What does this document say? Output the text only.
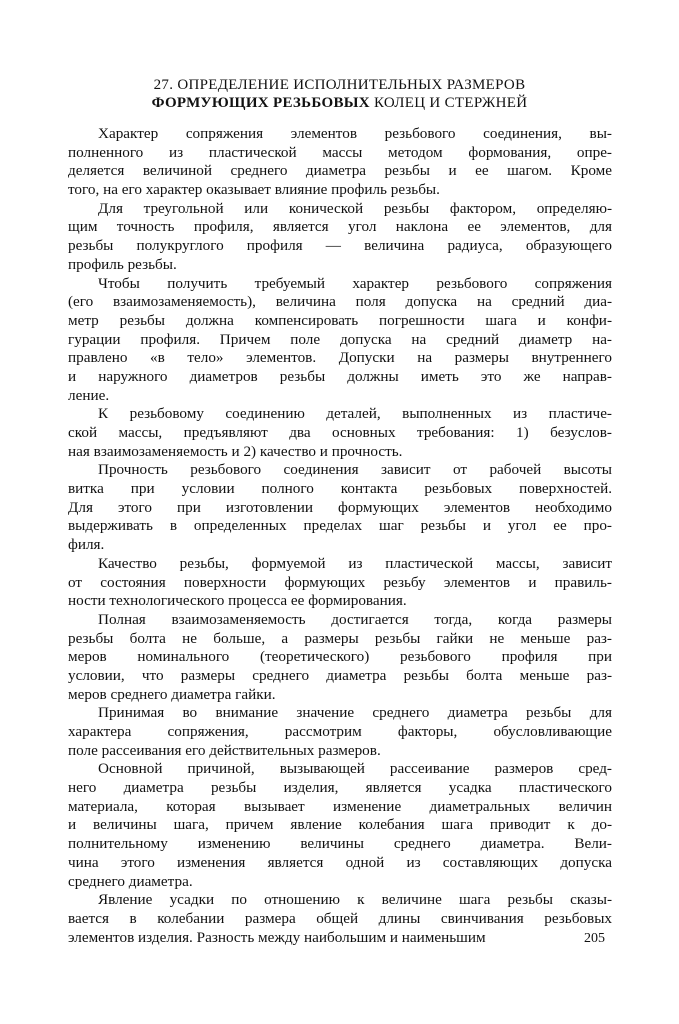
27. ОПРЕДЕЛЕНИЕ ИСПОЛНИТЕЛЬНЫХ РАЗМЕРОВ
ФОРМУЮЩИХ РЕЗЬБОВЫХ КОЛЕЦ И СТЕРЖНЕЙ
Характер сопряжения элементов резьбового соединения, вы-
полненного из пластической массы методом формования, опре-
деляется величиной среднего диаметра резьбы и ее шагом. Кроме
того, на его характер оказывает влияние профиль резьбы.
Для треугольной или конической резьбы фактором, определяю-
щим точность профиля, является угол наклона ее элементов, для
резьбы полукруглого профиля — величина радиуса, образующего
профиль резьбы.
Чтобы получить требуемый характер резьбового сопряжения
(его взаимозаменяемость), величина поля допуска на средний диа-
метр резьбы должна компенсировать погрешности шага и конфи-
гурации профиля. Причем поле допуска на средний диаметр на-
правлено «в тело» элементов. Допуски на размеры внутреннего
и наружного диаметров резьбы должны иметь это же направ-
ление.
К резьбовому соединению деталей, выполненных из пластиче-
ской массы, предъявляют два основных требования: 1) безуслов-
ная взаимозаменяемость и 2) качество и прочность.
Прочность резьбового соединения зависит от рабочей высоты
витка при условии полного контакта резьбовых поверхностей.
Для этого при изготовлении формующих элементов необходимо
выдерживать в определенных пределах шаг резьбы и угол ее про-
филя.
Качество резьбы, формуемой из пластической массы, зависит
от состояния поверхности формующих резьбу элементов и правиль-
ности технологического процесса ее формирования.
Полная взаимозаменяемость достигается тогда, когда размеры
резьбы болта не больше, а размеры резьбы гайки не меньше раз-
меров номинального (теоретического) резьбового профиля при
условии, что размеры среднего диаметра резьбы болта меньше раз-
меров среднего диаметра гайки.
Принимая во внимание значение среднего диаметра резьбы для
характера сопряжения, рассмотрим факторы, обусловливающие
поле рассеивания его действительных размеров.
Основной причиной, вызывающей рассеивание размеров сред-
него диаметра резьбы изделия, является усадка пластического
материала, которая вызывает изменение диаметральных величин
и величины шага, причем явление колебания шага приводит к до-
полнительному изменению величины среднего диаметра. Вели-
чина этого изменения является одной из составляющих допуска
среднего диаметра.
Явление усадки по отношению к величине шага резьбы сказы-
вается в колебании размера общей длины свинчивания резьбовых
элементов изделия. Разность между наибольшим и наименьшим	205
